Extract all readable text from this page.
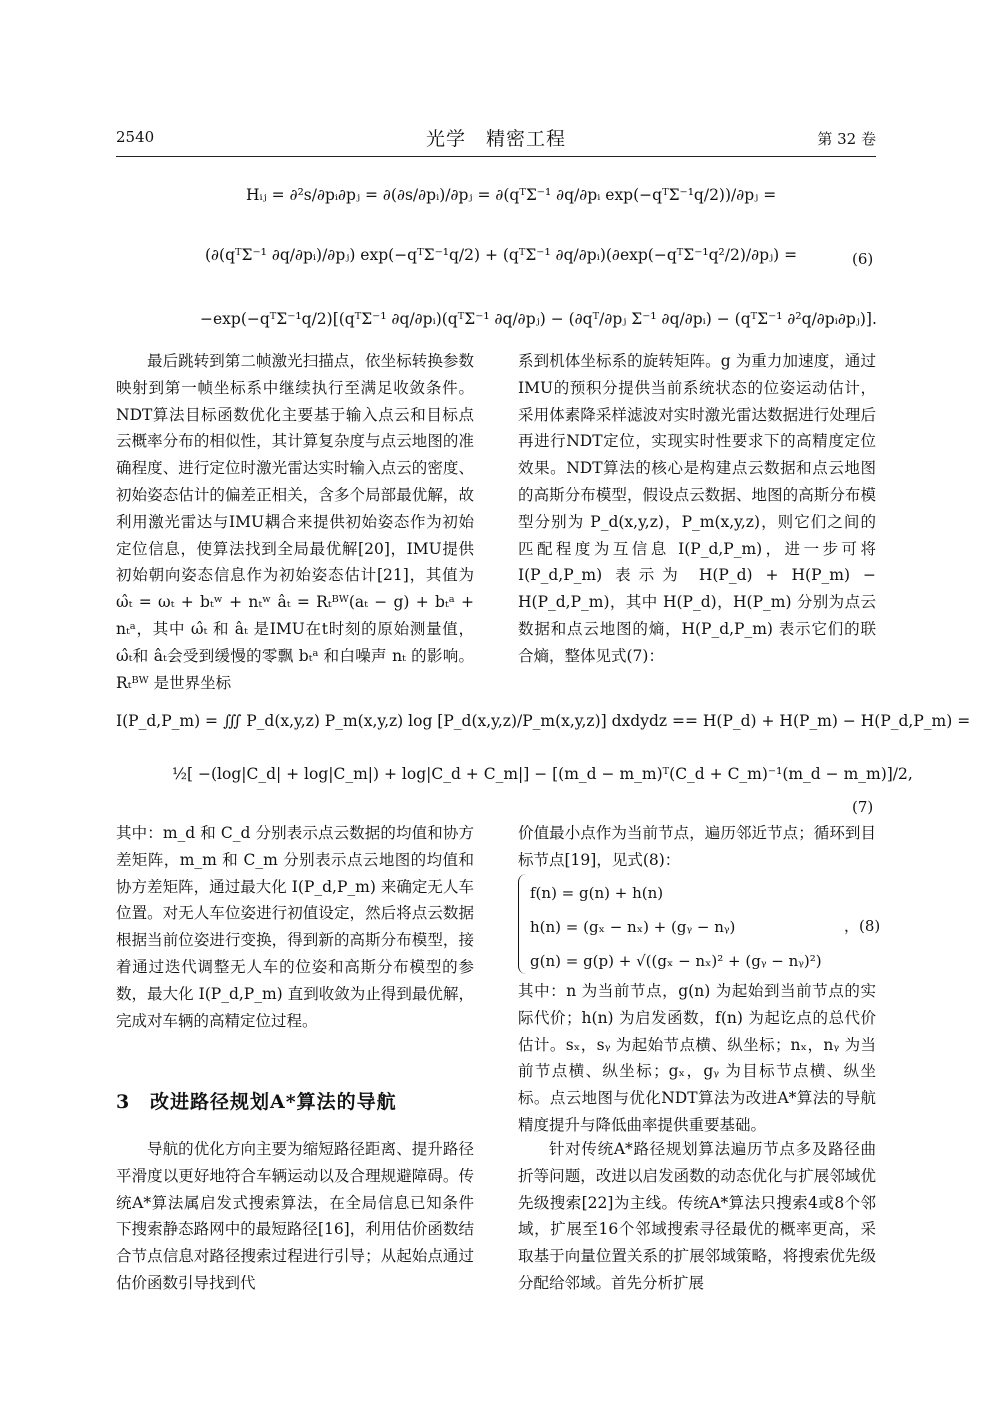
2540	光学　精密工程	第 32 卷
Hᵢⱼ = ∂²s/∂pᵢ∂pⱼ = ∂(∂s/∂pᵢ)/∂pⱼ = ∂(qᵀΣ⁻¹ ∂q/∂pᵢ exp(−qᵀΣ⁻¹q/2))/∂pⱼ =
(∂(qᵀΣ⁻¹ ∂q/∂pᵢ)/∂pⱼ) exp(−qᵀΣ⁻¹q/2) + (qᵀΣ⁻¹ ∂q/∂pᵢ)(∂exp(−qᵀΣ⁻¹q²/2)/∂pⱼ) =	(6)
−exp(−qᵀΣ⁻¹q/2)[(qᵀΣ⁻¹ ∂q/∂pᵢ)(qᵀΣ⁻¹ ∂q/∂pⱼ) − (∂qᵀ/∂pⱼ Σ⁻¹ ∂q/∂pᵢ) − (qᵀΣ⁻¹ ∂²q/∂pᵢ∂pⱼ)].

最后跳转到第二帧激光扫描点，依坐标转换参数映射到第一帧坐标系中继续执行至满足收敛条件。NDT算法目标函数优化主要基于输入点云和目标点云概率分布的相似性，其计算复杂度与点云地图的准确程度、进行定位时激光雷达实时输入点云的密度、初始姿态估计的偏差正相关，含多个局部最优解，故利用激光雷达与IMU耦合来提供初始姿态作为初始定位信息，使算法找到全局最优解[20]，IMU提供初始朝向姿态信息作为初始姿态估计[21]，其值为 ω̂ₜ = ωₜ + bₜʷ + nₜʷ âₜ = Rₜᴮᵂ(aₜ − g) + bₜᵃ + nₜᵃ，其中 ω̂ₜ 和 âₜ 是IMU在t时刻的原始测量值，ω̂ₜ和 âₜ会受到缓慢的零飘 bₜᵃ 和白噪声 nₜ 的影响。Rₜᴮᵂ 是世界坐标

系到机体坐标系的旋转矩阵。g 为重力加速度，通过IMU的预积分提供当前系统状态的位姿运动估计，采用体素降采样滤波对实时激光雷达数据进行处理后再进行NDT定位，实现实时性要求下的高精度定位效果。NDT算法的核心是构建点云数据和点云地图的高斯分布模型，假设点云数据、地图的高斯分布模型分别为 P_d(x,y,z)，P_m(x,y,z)，则它们之间的匹配程度为互信息 I(P_d,P_m)，进一步可将 I(P_d,P_m) 表示为 H(P_d) + H(P_m) − H(P_d,P_m)，其中 H(P_d)，H(P_m) 分别为点云数据和点云地图的熵，H(P_d,P_m) 表示它们的联合熵，整体见式(7)：

I(P_d,P_m) = ∭ P_d(x,y,z) P_m(x,y,z) log [P_d(x,y,z)/P_m(x,y,z)] dxdydz == H(P_d) + H(P_m) − H(P_d,P_m) =
½[ −(log|C_d| + log|C_m|) + log|C_d + C_m|] − [(m_d − m_m)ᵀ(C_d + C_m)⁻¹(m_d − m_m)]/2,
(7)

其中：m_d 和 C_d 分别表示点云数据的均值和协方差矩阵，m_m 和 C_m 分别表示点云地图的均值和协方差矩阵，通过最大化 I(P_d,P_m) 来确定无人车位置。对无人车位姿进行初值设定，然后将点云数据根据当前位姿进行变换，得到新的高斯分布模型，接着通过迭代调整无人车的位姿和高斯分布模型的参数，最大化 I(P_d,P_m) 直到收敛为止得到最优解，完成对车辆的高精定位过程。

价值最小点作为当前节点，遍历邻近节点；循环到目标节点[19]，见式(8)：

f(n) = g(n) + h(n)
h(n) = (gₓ − nₓ) + (gᵧ − nᵧ)
g(n) = g(p) + √((gₓ − nₓ)² + (gᵧ − nᵧ)²)
，(8)

其中：n 为当前节点，g(n) 为起始到当前节点的实际代价；h(n) 为启发函数，f(n) 为起讫点的总代价估计。sₓ，sᵧ 为起始节点横、纵坐标；nₓ，nᵧ 为当前节点横、纵坐标；gₓ，gᵧ 为目标节点横、纵坐标。点云地图与优化NDT算法为改进A*算法的导航精度提升与降低曲率提供重要基础。

3 改进路径规划A*算法的导航

导航的优化方向主要为缩短路径距离、提升路径平滑度以更好地符合车辆运动以及合理规避障碍。传统A*算法属启发式搜索算法，在全局信息已知条件下搜索静态路网中的最短路径[16]，利用估价函数结合节点信息对路径搜索过程进行引导；从起始点通过估价函数引导找到代

针对传统A*路径规划算法遍历节点多及路径曲折等问题，改进以启发函数的动态优化与扩展邻域优先级搜索[22]为主线。传统A*算法只搜索4或8个邻域，扩展至16个邻域搜索寻径最优的概率更高，采取基于向量位置关系的扩展邻域策略，将搜索优先级分配给邻域。首先分析扩展
